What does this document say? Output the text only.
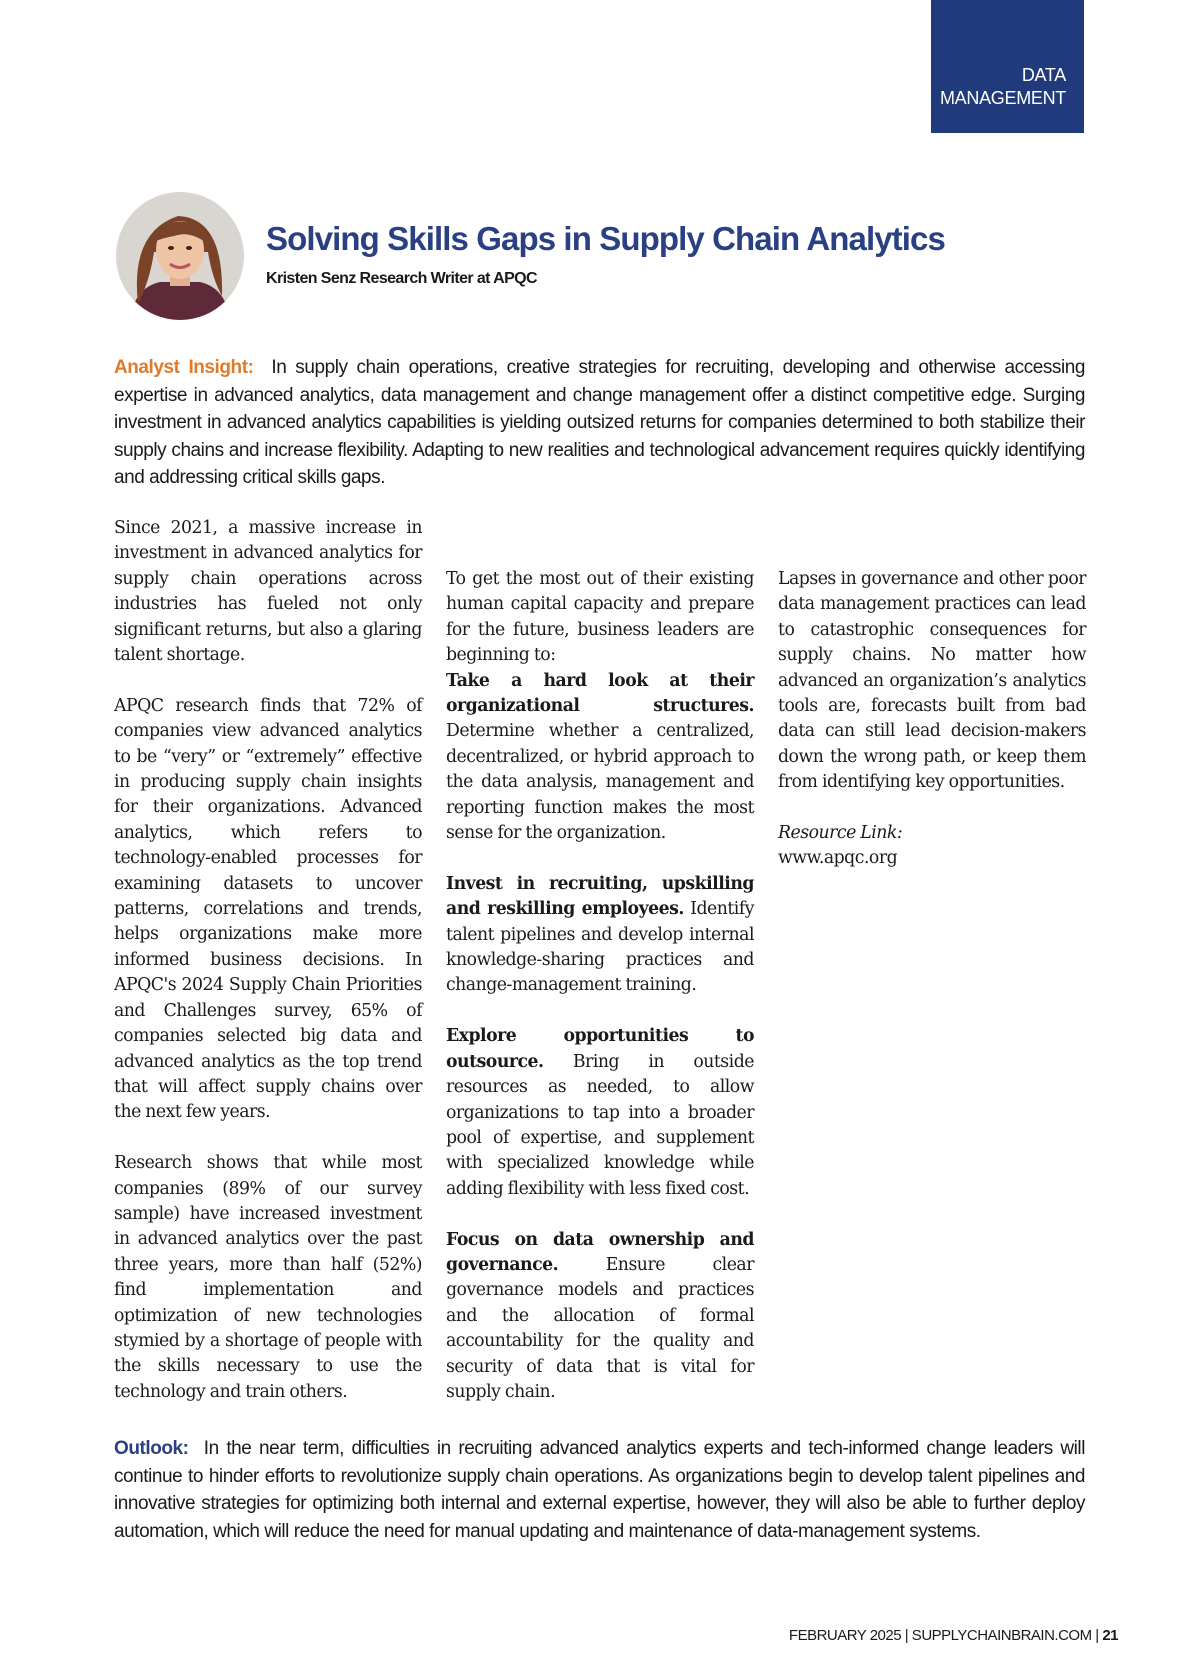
DATA
MANAGEMENT
Solving Skills Gaps in Supply Chain Analytics

Kristen Senz Research Writer at APQC

Analyst Insight: In supply chain operations, creative strategies for recruiting, developing and otherwise accessing expertise in advanced analytics, data management and change management offer a distinct competitive edge. Surging investment in advanced analytics capabilities is yielding outsized returns for companies determined to both stabilize their supply chains and increase flexibility. Adapting to new realities and technological advancement requires quickly identifying and addressing critical skills gaps.

Since 2021, a massive increase in investment in advanced analytics for supply chain operations across industries has fueled not only significant returns, but also a glaring talent shortage.

APQC research finds that 72% of companies view advanced analytics to be “very” or “extremely” effective in producing supply chain insights for their organizations. Advanced analytics, which refers to technology-enabled processes for examining datasets to uncover patterns, correlations and trends, helps organizations make more informed business decisions. In APQC's 2024 Supply Chain Priorities and Challenges survey, 65% of companies selected big data and advanced analytics as the top trend that will affect supply chains over the next few years.

Research shows that while most companies (89% of our survey sample) have increased investment in advanced analytics over the past three years, more than half (52%) find implementation and optimization of new technologies stymied by a shortage of people with the skills necessary to use the technology and train others.

To get the most out of their existing human capital capacity and prepare for the future, business leaders are beginning to:

Take a hard look at their organizational structures. Determine whether a centralized, decentralized, or hybrid approach to the data analysis, management and reporting function makes the most sense for the organization.

Invest in recruiting, upskilling and reskilling employees. Identify talent pipelines and develop internal knowledge-sharing practices and change-management training.

Explore opportunities to outsource. Bring in outside resources as needed, to allow organizations to tap into a broader pool of expertise, and supplement with specialized knowledge while adding flexibility with less fixed cost.

Focus on data ownership and governance. Ensure clear governance models and practices and the allocation of formal accountability for the quality and security of data that is vital for supply chain.

Lapses in governance and other poor data management practices can lead to catastrophic consequences for supply chains. No matter how advanced an organization’s analytics tools are, forecasts built from bad data can still lead decision-makers down the wrong path, or keep them from identifying key opportunities.

Resource Link:

www.apqc.org

Outlook: In the near term, difficulties in recruiting advanced analytics experts and tech-informed change leaders will continue to hinder efforts to revolutionize supply chain operations. As organizations begin to develop talent pipelines and innovative strategies for optimizing both internal and external expertise, however, they will also be able to further deploy automation, which will reduce the need for manual updating and maintenance of data-management systems.

FEBRUARY 2025 | SUPPLYCHAINBRAIN.COM | 21
